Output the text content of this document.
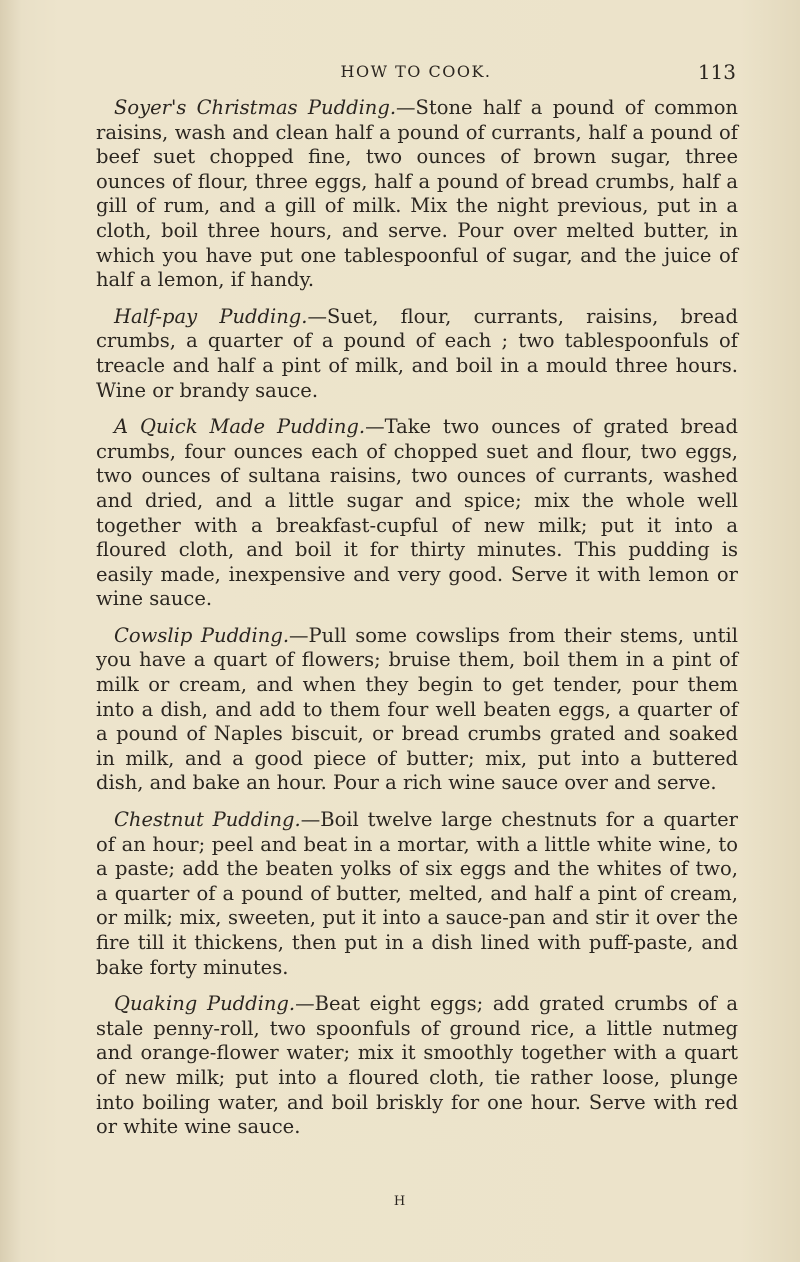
HOW TO COOK.	113

Soyer's Christmas Pudding.—Stone half a pound of common raisins, wash and clean half a pound of currants, half a pound of beef suet chopped fine, two ounces of brown sugar, three ounces of flour, three eggs, half a pound of bread crumbs, half a gill of rum, and a gill of milk. Mix the night previous, put in a cloth, boil three hours, and serve. Pour over melted butter, in which you have put one tablespoonful of sugar, and the juice of half a lemon, if handy.

Half-pay Pudding.—Suet, flour, currants, raisins, bread crumbs, a quarter of a pound of each ; two tablespoonfuls of treacle and half a pint of milk, and boil in a mould three hours. Wine or brandy sauce.

A Quick Made Pudding.—Take two ounces of grated bread crumbs, four ounces each of chopped suet and flour, two eggs, two ounces of sultana raisins, two ounces of currants, washed and dried, and a little sugar and spice; mix the whole well together with a breakfast-cupful of new milk; put it into a floured cloth, and boil it for thirty minutes. This pudding is easily made, inexpensive and very good. Serve it with lemon or wine sauce.

Cowslip Pudding.—Pull some cowslips from their stems, until you have a quart of flowers; bruise them, boil them in a pint of milk or cream, and when they begin to get tender, pour them into a dish, and add to them four well beaten eggs, a quarter of a pound of Naples biscuit, or bread crumbs grated and soaked in milk, and a good piece of butter; mix, put into a buttered dish, and bake an hour. Pour a rich wine sauce over and serve.

Chestnut Pudding.—Boil twelve large chestnuts for a quarter of an hour; peel and beat in a mortar, with a little white wine, to a paste; add the beaten yolks of six eggs and the whites of two, a quarter of a pound of butter, melted, and half a pint of cream, or milk; mix, sweeten, put it into a sauce-pan and stir it over the fire till it thickens, then put in a dish lined with puff-paste, and bake forty minutes.

Quaking Pudding.—Beat eight eggs; add grated crumbs of a stale penny-roll, two spoonfuls of ground rice, a little nutmeg and orange-flower water; mix it smoothly together with a quart of new milk; put into a floured cloth, tie rather loose, plunge into boiling water, and boil briskly for one hour. Serve with red or white wine sauce.

H
